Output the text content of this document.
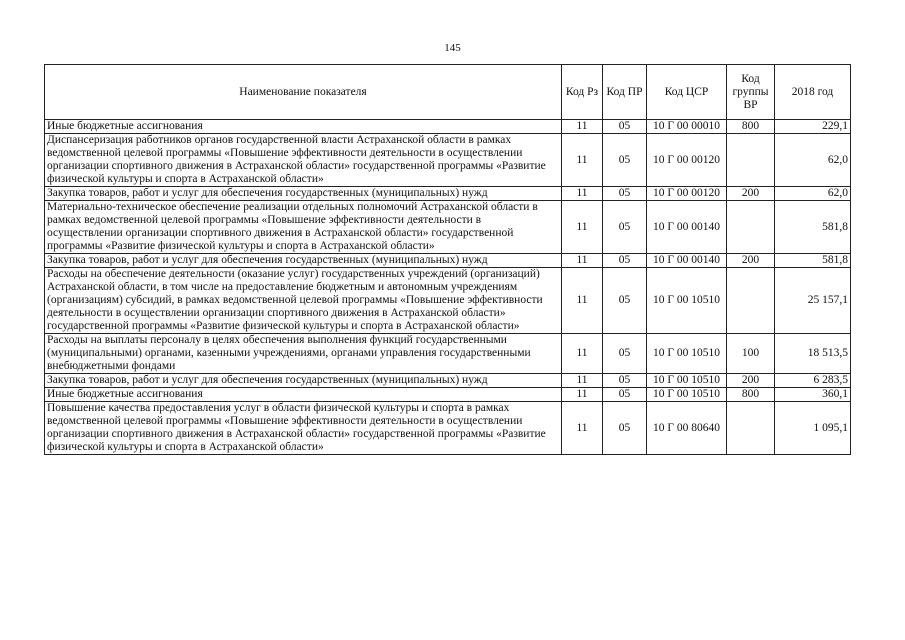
145
Наименование показателя	Код Рз	Код ПР	Код ЦСР	Код группы ВР	2018 год
Иные бюджетные ассигнования	11	05	10 Г 00 00010	800	229,1
Диспансеризация работников органов государственной власти Астраханской области в рамках ведомственной целевой программы «Повышение эффективности деятельности в осуществлении организации спортивного движения в Астраханской области» государственной программы «Развитие физической культуры и спорта в Астраханской области»	11	05	10 Г 00 00120		62,0
Закупка товаров, работ и услуг для обеспечения государственных (муниципальных) нужд	11	05	10 Г 00 00120	200	62,0
Материально-техническое обеспечение реализации отдельных полномочий Астраханской области в рамках ведомственной целевой программы «Повышение эффективности деятельности в осуществлении организации спортивного движения в Астраханской области» государственной программы «Развитие физической культуры и спорта в Астраханской области»	11	05	10 Г 00 00140		581,8
Закупка товаров, работ и услуг для обеспечения государственных (муниципальных) нужд	11	05	10 Г 00 00140	200	581,8
Расходы на обеспечение деятельности (оказание услуг) государственных учреждений (организаций) Астраханской области, в том числе на предоставление бюджетным и автономным учреждениям (организациям) субсидий, в рамках ведомственной целевой программы «Повышение эффективности деятельности в осуществлении организации спортивного движения в Астраханской области» государственной программы «Развитие физической культуры и спорта в Астраханской области»	11	05	10 Г 00 10510		25 157,1
Расходы на выплаты персоналу в целях обеспечения выполнения функций государственными (муниципальными) органами, казенными учреждениями, органами управления государственными внебюджетными фондами	11	05	10 Г 00 10510	100	18 513,5
Закупка товаров, работ и услуг для обеспечения государственных (муниципальных) нужд	11	05	10 Г 00 10510	200	6 283,5
Иные бюджетные ассигнования	11	05	10 Г 00 10510	800	360,1
Повышение качества предоставления услуг в области физической культуры и спорта в рамках ведомственной целевой программы «Повышение эффективности деятельности в осуществлении организации спортивного движения в Астраханской области» государственной программы «Развитие физической культуры и спорта в Астраханской области»	11	05	10 Г 00 80640		1 095,1
